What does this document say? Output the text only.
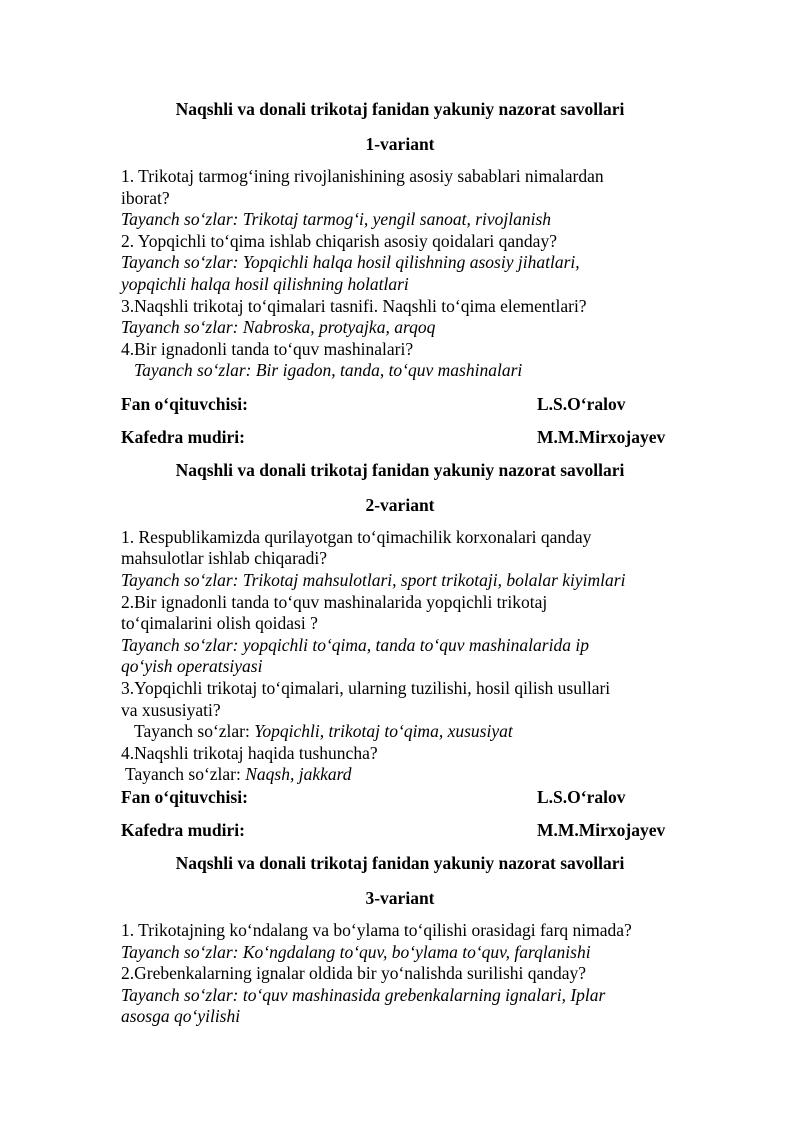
Naqshli va donali trikotaj fanidan yakuniy nazorat savollari
1-variant
1. Trikotaj tarmog‘ining rivojlanishining asosiy sabablari nimalardan
iborat?
Tayanch so‘zlar: Trikotaj tarmog‘i, yengil sanoat, rivojlanish
2. Yopqichli to‘qima ishlab chiqarish asosiy qoidalari qanday?
Tayanch so‘zlar: Yopqichli halqa hosil qilishning asosiy jihatlari,
yopqichli halqa hosil qilishning holatlari
3.Naqshli trikotaj to‘qimalari tasnifi. Naqshli to‘qima elementlari?
Tayanch so‘zlar: Nabroska, protyajka, arqoq
4.Bir ignadonli tanda to‘quv mashinalari?
Tayanch so‘zlar: Bir igadon, tanda, to‘quv mashinalari
Fan o‘qituvchisi:	L.S.O‘ralov
Kafedra mudiri:	M.M.Mirxojayev
Naqshli va donali trikotaj fanidan yakuniy nazorat savollari
2-variant
1. Respublikamizda qurilayotgan to‘qimachilik korxonalari qanday
mahsulotlar ishlab chiqaradi?
Tayanch so‘zlar: Trikotaj mahsulotlari, sport trikotaji, bolalar kiyimlari
2.Bir ignadonli tanda to‘quv mashinalarida yopqichli trikotaj
to‘qimalarini olish qoidasi ?
Tayanch so‘zlar: yopqichli to‘qima, tanda to‘quv mashinalarida ip
qo‘yish operatsiyasi
3.Yopqichli trikotaj to‘qimalari, ularning tuzilishi, hosil qilish usullari
va xususiyati?
Tayanch so‘zlar: Yopqichli, trikotaj to‘qima, xususiyat
4.Naqshli trikotaj haqida tushuncha?
Tayanch so‘zlar: Naqsh, jakkard
Fan o‘qituvchisi:	L.S.O‘ralov
Kafedra mudiri:	M.M.Mirxojayev
Naqshli va donali trikotaj fanidan yakuniy nazorat savollari
3-variant
1. Trikotajning ko‘ndalang va bo‘ylama to‘qilishi orasidagi farq nimada?
Tayanch so‘zlar: Ko‘ngdalang to‘quv, bo‘ylama to‘quv, farqlanishi
2.Grebenkalarning ignalar oldida bir yo‘nalishda surilishi qanday?
Tayanch so‘zlar: to‘quv mashinasida grebenkalarning ignalari, Iplar
asosga qo‘yilishi
